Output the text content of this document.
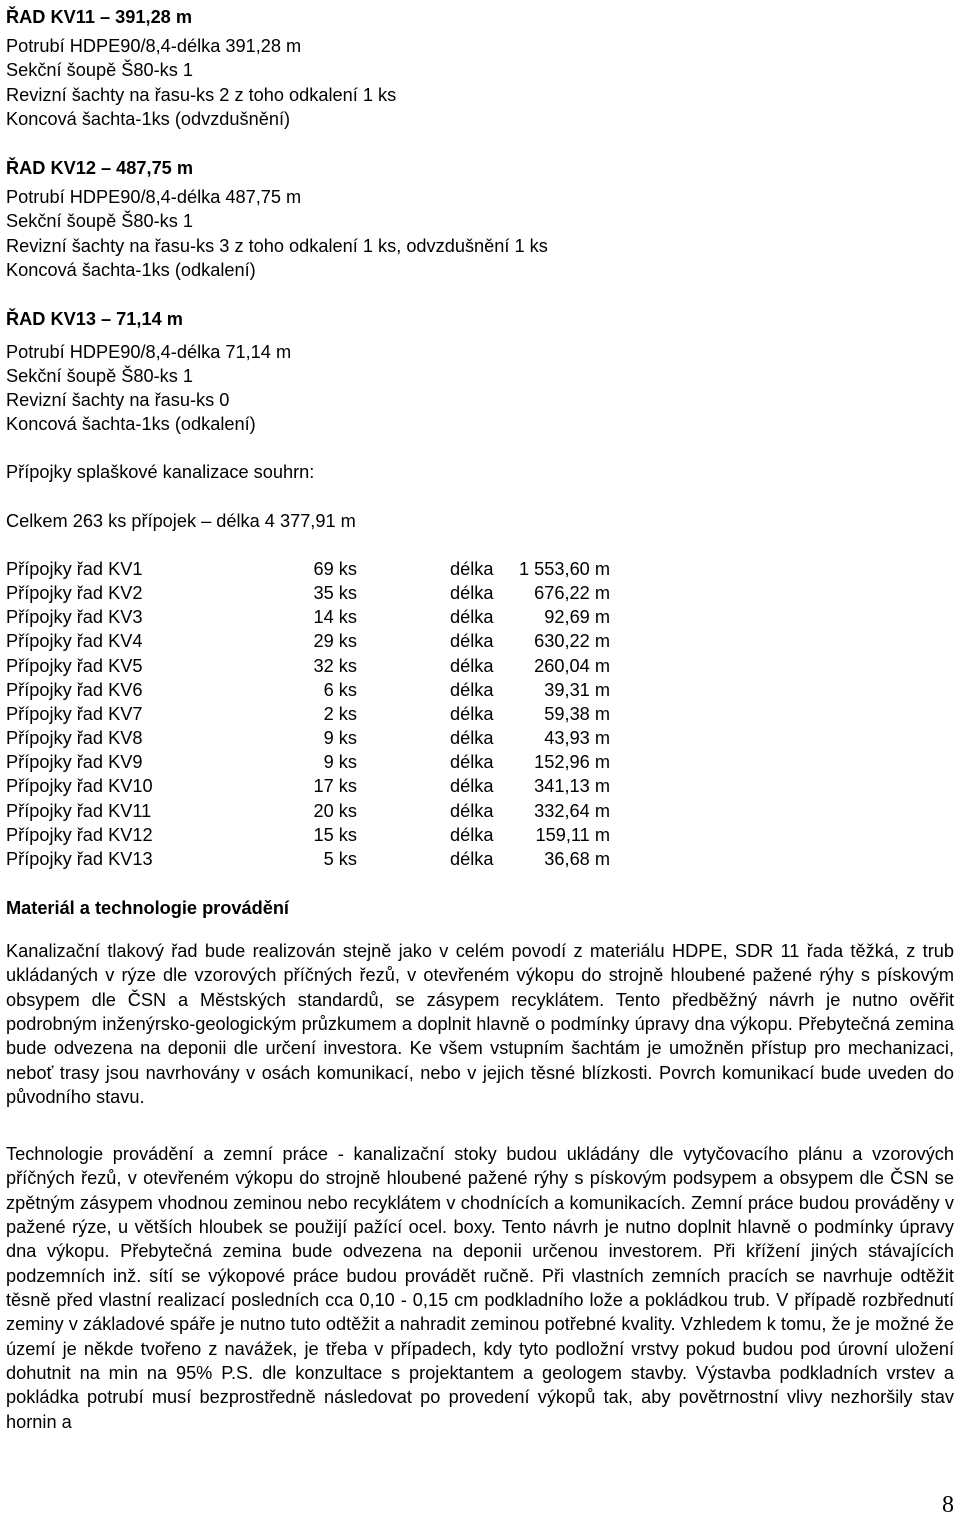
ŘAD KV11 – 391,28 m
Potrubí HDPE90/8,4-délka 391,28 m
Sekční šoupě Š80-ks 1
Revizní šachty na řasu-ks 2 z toho odkalení 1 ks
Koncová šachta-1ks (odvzdušnění)
ŘAD KV12 – 487,75 m
Potrubí HDPE90/8,4-délka 487,75 m
Sekční šoupě Š80-ks 1
Revizní šachty na řasu-ks 3 z toho odkalení 1 ks, odvzdušnění 1 ks
Koncová šachta-1ks (odkalení)
ŘAD KV13 – 71,14 m
Potrubí HDPE90/8,4-délka 71,14 m
Sekční šoupě Š80-ks 1
Revizní šachty na řasu-ks 0
Koncová šachta-1ks (odkalení)
Přípojky splaškové kanalizace souhrn:
Celkem 263 ks přípojek – délka 4 377,91 m
Přípojky řad KV1	69 ks	délka	1 553,60 m
Přípojky řad KV2	35 ks	délka	676,22 m
Přípojky řad KV3	14 ks	délka	92,69 m
Přípojky řad KV4	29 ks	délka	630,22 m
Přípojky řad KV5	32 ks	délka	260,04 m
Přípojky řad KV6	6 ks	délka	39,31 m
Přípojky řad KV7	2 ks	délka	59,38 m
Přípojky řad KV8	9 ks	délka	43,93 m
Přípojky řad KV9	9 ks	délka	152,96 m
Přípojky řad KV10	17 ks	délka	341,13 m
Přípojky řad KV11	20 ks	délka	332,64 m
Přípojky řad KV12	15 ks	délka	159,11 m
Přípojky řad KV13	5 ks	délka	36,68 m
Materiál a technologie provádění

Kanalizační tlakový řad bude realizován stejně jako v celém povodí z materiálu HDPE, SDR 11 řada těžká, z trub ukládaných v rýze dle vzorových příčných řezů, v otevřeném výkopu do strojně hloubené pažené rýhy s pískovým obsypem dle ČSN a Městských standardů, se zásypem recyklátem. Tento předběžný návrh je nutno ověřit podrobným inženýrsko-geologickým průzkumem a doplnit hlavně o podmínky úpravy dna výkopu. Přebytečná zemina bude odvezena na deponii dle určení investora. Ke všem vstupním šachtám je umožněn přístup pro mechanizaci, neboť trasy jsou navrhovány v osách komunikací, nebo v jejich těsné blízkosti. Povrch komunikací bude uveden do původního stavu.

Technologie provádění a zemní práce - kanalizační stoky budou ukládány dle vytyčovacího plánu a vzorových příčných řezů, v otevřeném výkopu do strojně hloubené pažené rýhy s pískovým podsypem a obsypem dle ČSN se zpětným zásypem vhodnou zeminou nebo recyklátem v chodnících a komunikacích. Zemní práce budou prováděny v pažené rýze, u větších hloubek se použijí pažící ocel. boxy. Tento návrh je nutno doplnit hlavně o podmínky úpravy dna výkopu. Přebytečná zemina bude odvezena na deponii určenou investorem. Při křížení jiných stávajících podzemních inž. sítí se výkopové práce budou provádět ručně. Při vlastních zemních pracích se navrhuje odtěžit těsně před vlastní realizací posledních cca 0,10 - 0,15 cm podkladního lože a pokládkou trub. V případě rozbřednutí zeminy v základové spáře je nutno tuto odtěžit a nahradit zeminou potřebné kvality. Vzhledem k tomu, že je možné že území je někde tvořeno z navážek, je třeba v případech, kdy tyto podložní vrstvy pokud budou pod úrovní uložení dohutnit na min na 95% P.S. dle konzultace s projektantem a geologem stavby. Výstavba podkladních vrstev a pokládka potrubí musí bezprostředně následovat po provedení výkopů tak, aby povětrnostní vlivy nezhoršily stav hornin a

8
